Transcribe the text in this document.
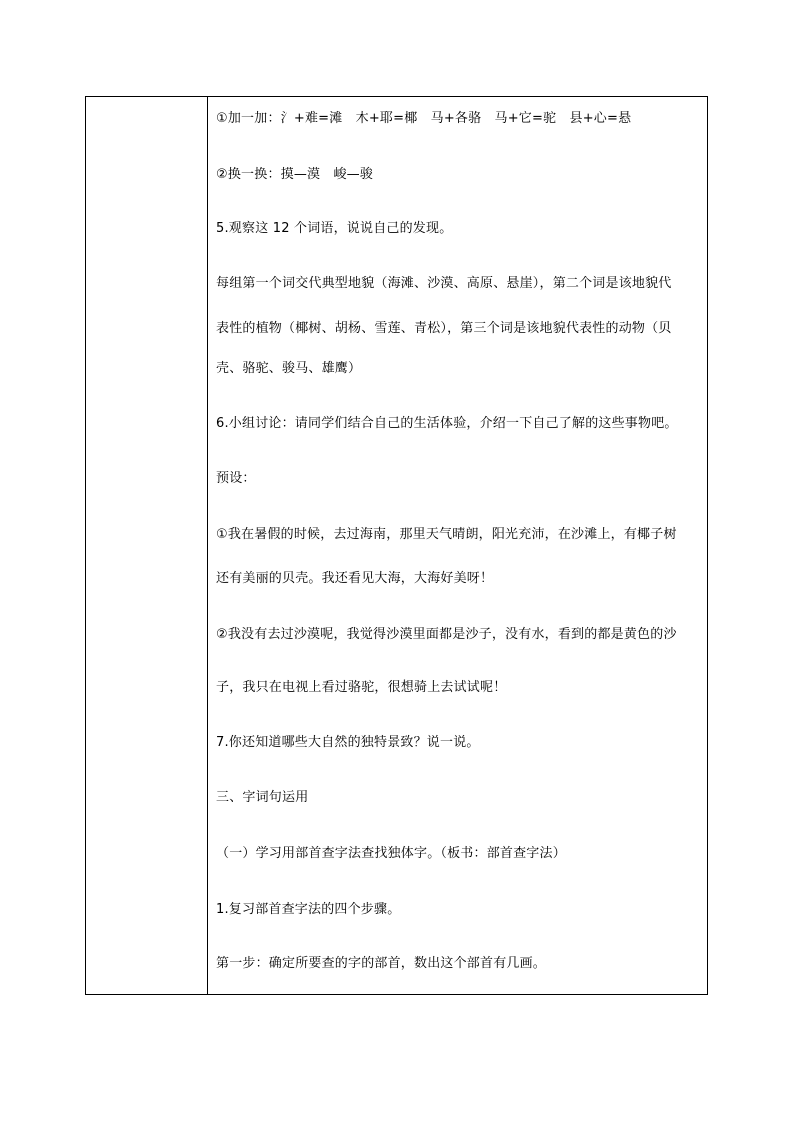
①加一加：氵+难=滩　木+耶=椰　马+各骆　马+它=驼　县+心=悬
②换一换：摸—漠　峻—骏
5.观察这 12 个词语，说说自己的发现。
每组第一个词交代典型地貌（海滩、沙漠、高原、悬崖），第二个词是该地貌代
表性的植物（椰树、胡杨、雪莲、青松），第三个词是该地貌代表性的动物（贝
壳、骆驼、骏马、雄鹰）
6.小组讨论：请同学们结合自己的生活体验，介绍一下自己了解的这些事物吧。
预设：
①我在暑假的时候，去过海南，那里天气晴朗，阳光充沛，在沙滩上，有椰子树
还有美丽的贝壳。我还看见大海，大海好美呀！
②我没有去过沙漠呢，我觉得沙漠里面都是沙子，没有水，看到的都是黄色的沙
子，我只在电视上看过骆驼，很想骑上去试试呢！
7.你还知道哪些大自然的独特景致？说一说。
三、字词句运用
（一）学习用部首查字法查找独体字。（板书：部首查字法）
1.复习部首查字法的四个步骤。
第一步：确定所要查的字的部首，数出这个部首有几画。
